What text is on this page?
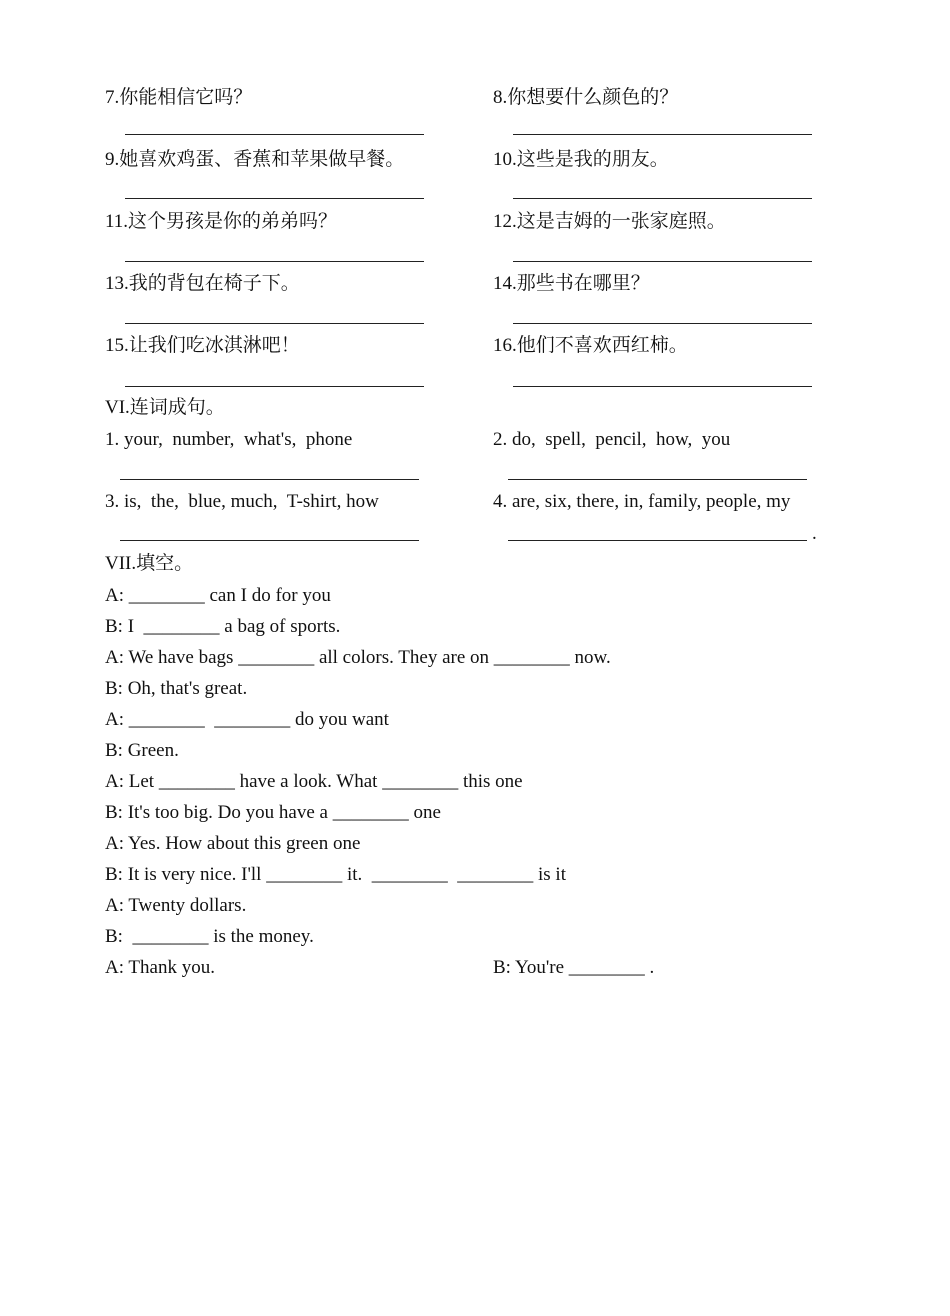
7.你能相信它吗？	8.你想要什么颜色的？
9.她喜欢鸡蛋、香蕉和苹果做早餐。	10.这些是我的朋友。
11.这个男孩是你的弟弟吗？	12.这是吉姆的一张家庭照。
13.我的背包在椅子下。	14.那些书在哪里？
15.让我们吃冰淇淋吧！	16.他们不喜欢西红柿。
VI.连词成句。
1. your,  number,  what's,  phone	2. do,  spell,  pencil,  how,  you
3. is,  the,  blue, much,  T-shirt, how	4. are, six, there, in, family, people, my
.
VII.填空。
A: ________ can I do for you
B: I  ________ a bag of sports.
A: We have bags ________ all colors. They are on ________ now.
B: Oh, that's great.
A: ________  ________ do you want
B: Green.
A: Let ________ have a look. What ________ this one
B: It's too big. Do you have a ________ one
A: Yes. How about this green one
B: It is very nice. I'll ________ it.  ________  ________ is it
A: Twenty dollars.
B:  ________ is the money.
A: Thank you.	B: You're ________ .
